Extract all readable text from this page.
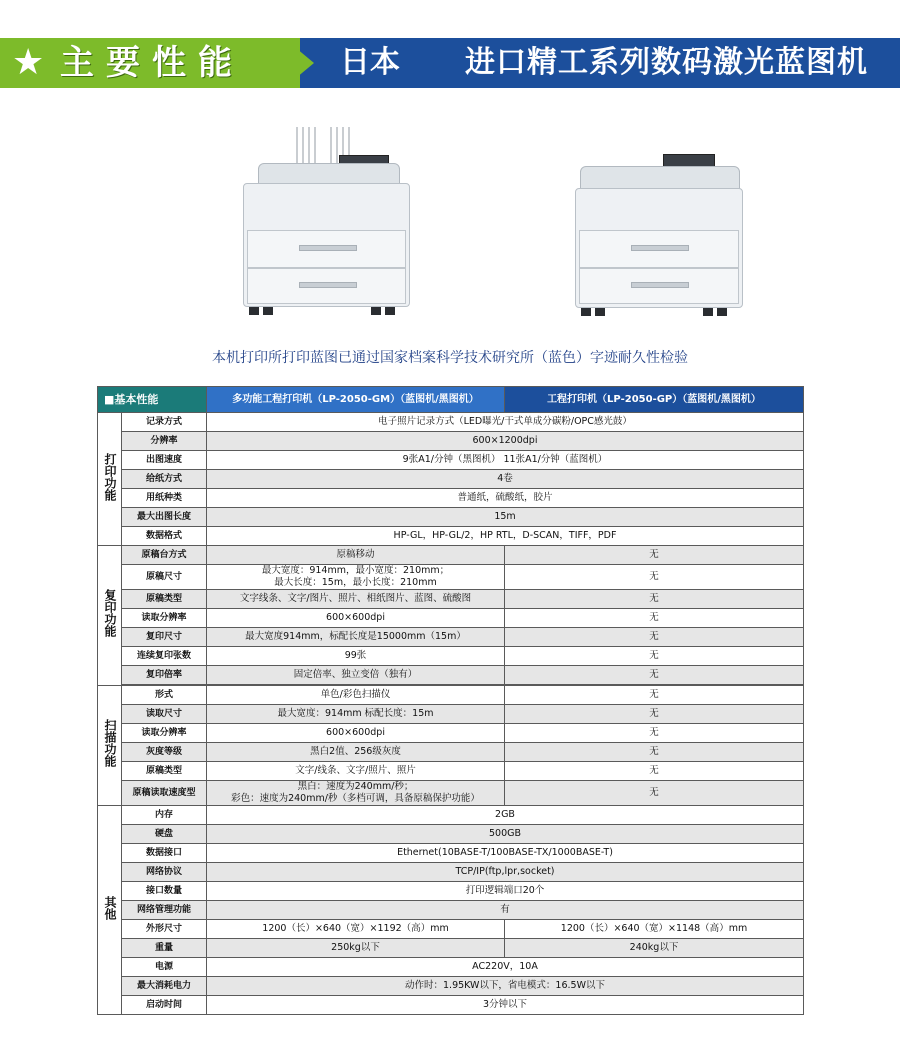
★ 主要性能	日本 进口精工系列数码激光蓝图机
本机打印所打印蓝图已通过国家档案科学技术研究所（蓝色）字迹耐久性检验
■基本性能		多功能工程打印机（LP-2050-GM）（蓝图机/黑图机）	工程打印机（LP-2050-GP）（蓝图机/黑图机）
打印功能	记录方式	电子照片记录方式（LED曝光/干式单成分碳粉/OPC感光鼓）	
	分辨率	600×1200dpi	
	出图速度	9张A1/分钟（黑图机） 11张A1/分钟（蓝图机）	
	给纸方式	4卷	
	用纸种类	普通纸，硫酸纸，胶片	
	最大出图长度	15m	
	数据格式	HP-GL，HP-GL/2，HP RTL，D-SCAN，TIFF，PDF	
复印功能	原稿台方式	原稿移动	无
	原稿尺寸	最大宽度：914mm，最小宽度：210mm；
最大长度：15m，最小长度：210mm	无
	原稿类型	文字线条、文字/图片、照片、相纸图片、蓝图、硫酸图	无
	读取分辨率	600×600dpi	无
	复印尺寸	最大宽度914mm，标配长度是15000mm（15m）	无
	连续复印张数	99张	无
	复印倍率	固定倍率、独立变倍（独有）	无

扫描功能	形式	单色/彩色扫描仪	无
	读取尺寸	最大宽度：914mm 标配长度：15m	无
	读取分辨率	600×600dpi	无
	灰度等级	黑白2值、256级灰度	无
	原稿类型	文字/线条、文字/照片、照片	无
	原稿读取速度型	黑白：速度为240mm/秒；
彩色：速度为240mm/秒（多档可调，具备原稿保护功能）	无
其他	内存	2GB	
	硬盘	500GB	
	数据接口	Ethernet(10BASE-T/100BASE-TX/1000BASE-T)	
	网络协议	TCP/IP(ftp,lpr,socket)	
	接口数量	打印逻辑端口20个	
	网络管理功能	有	
	外形尺寸	1200（长）×640（宽）×1192（高）mm	1200（长）×640（宽）×1148（高）mm
	重量	250kg以下	240kg以下
	电源	AC220V，10A	
	最大消耗电力	动作时：1.95KW以下，省电模式：16.5W以下	
	启动时间	3分钟以下	
